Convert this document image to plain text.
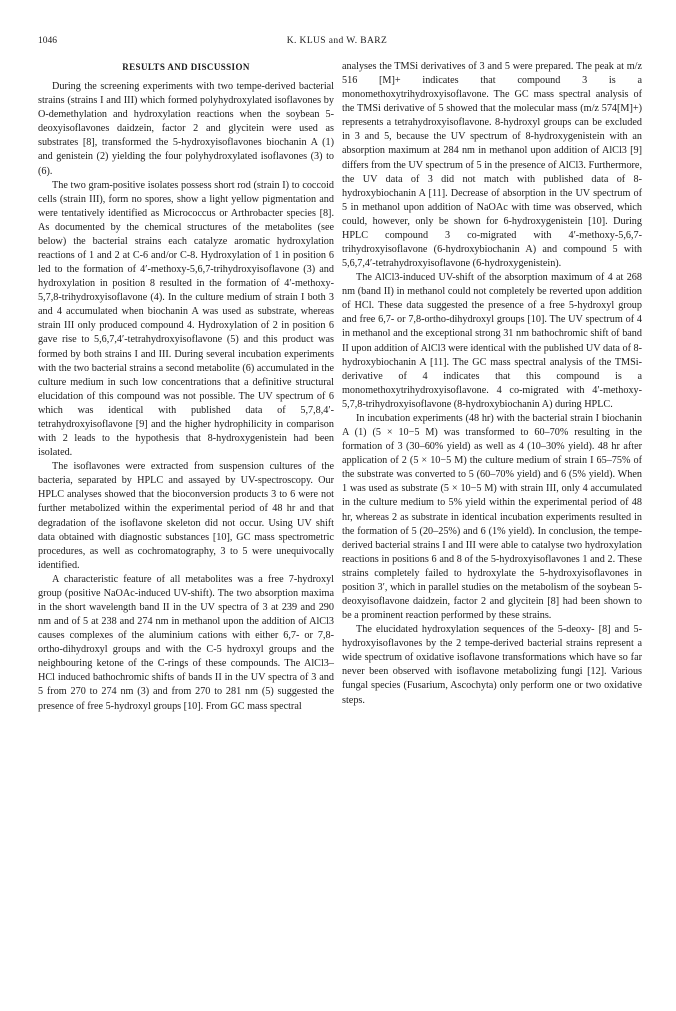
1046	K. KLUS and W. BARZ
RESULTS AND DISCUSSION

During the screening experiments with two tempe-derived bacterial strains (strains I and III) which formed polyhydroxylated isoflavones by O-demethylation and hydroxylation reactions when the soybean 5-deoxyisoflavones daidzein, factor 2 and glycitein were used as substrates [8], transformed the 5-hydroxyisoflavones biochanin A (1) and genistein (2) yielding the four polyhydroxylated isoflavones (3) to (6).

The two gram-positive isolates possess short rod (strain I) to coccoid cells (strain III), form no spores, show a light yellow pigmentation and were tentatively identified as Micrococcus or Arthrobacter species [8]. As documented by the chemical structures of the metabolites (see below) the bacterial strains each catalyze aromatic hydroxylation reactions of 1 and 2 at C-6 and/or C-8. Hydroxylation of 1 in position 6 led to the formation of 4′-methoxy-5,6,7-trihydroxyisoflavone (3) and hydroxylation in position 8 resulted in the formation of 4′-methoxy-5,7,8-trihydroxyisoflavone (4). In the culture medium of strain I both 3 and 4 accumulated when biochanin A was used as substrate, whereas strain III only produced compound 4. Hydroxylation of 2 in position 6 gave rise to 5,6,7,4′-tetrahydroxyisoflavone (5) and this product was formed by both strains I and III. During several incubation experiments with the two bacterial strains a second metabolite (6) accumulated in the culture medium in such low concentrations that a definitive structural elucidation of this compound was not possible. The UV spectrum of 6 which was identical with published data of 5,7,8,4′-tetrahydroxyisoflavone [9] and the higher hydrophilicity in comparison with 2 leads to the hypothesis that 8-hydroxygenistein had been isolated.

The isoflavones were extracted from suspension cultures of the bacteria, separated by HPLC and assayed by UV-spectroscopy. Our HPLC analyses showed that the bioconversion products 3 to 6 were not further metabolized within the experimental period of 48 hr and that degradation of the isoflavone skeleton did not occur. Using UV shift data obtained with diagnostic substances [10], GC mass spectrometric procedures, as well as cochromatography, 3 to 5 were unequivocally identified.

A characteristic feature of all metabolites was a free 7-hydroxyl group (positive NaOAc-induced UV-shift). The two absorption maxima in the short wavelength band II in the UV spectra of 3 at 239 and 290 nm and of 5 at 238 and 274 nm in methanol upon the addition of AlCl3 causes complexes of the aluminium cations with either 6,7- or 7,8-ortho-dihydroxyl groups and with the C-5 hydroxyl groups and the neighbouring ketone of the C-rings of these compounds. The AlCl3–HCl induced bathochromic shifts of bands II in the UV spectra of 3 and 5 from 270 to 274 nm (3) and from 270 to 281 nm (5) suggested the presence of free 5-hydroxyl groups [10]. From GC mass spectral

analyses the TMSi derivatives of 3 and 5 were prepared. The peak at m/z 516 [M]+ indicates that compound 3 is a monomethoxytrihydroxyisoflavone. The GC mass spectral analysis of the TMSi derivative of 5 showed that the molecular mass (m/z 574[M]+) represents a tetrahydroxyisoflavone. 8-hydroxyl groups can be excluded in 3 and 5, because the UV spectrum of 8-hydroxygenistein with an absorption maximum at 284 nm in methanol upon addition of AlCl3 [9] differs from the UV spectrum of 5 in the presence of AlCl3. Furthermore, the UV data of 3 did not match with published data of 8-hydroxybiochanin A [11]. Decrease of absorption in the UV spectrum of 5 in methanol upon addition of NaOAc with time was observed, which could, however, only be shown for 6-hydroxygenistein [10]. During HPLC compound 3 co-migrated with 4′-methoxy-5,6,7-trihydroxyisoflavone (6-hydroxybiochanin A) and compound 5 with 5,6,7,4′-tetrahydroxyisoflavone (6-hydroxygenistein).

The AlCl3-induced UV-shift of the absorption maximum of 4 at 268 nm (band II) in methanol could not completely be reverted upon addition of HCl. These data suggested the presence of a free 5-hydroxyl group and free 6,7- or 7,8-ortho-dihydroxyl groups [10]. The UV spectrum of 4 in methanol and the exceptional strong 31 nm bathochromic shift of band II upon addition of AlCl3 were identical with the published UV data of 8-hydroxybiochanin A [11]. The GC mass spectral analysis of the TMSi-derivative of 4 indicates that this compound is a monomethoxytrihydroxyisoflavone. 4 co-migrated with 4′-methoxy-5,7,8-trihydroxyisoflavone (8-hydroxybiochanin A) during HPLC.

In incubation experiments (48 hr) with the bacterial strain I biochanin A (1) (5 × 10−5 M) was transformed to 60–70% resulting in the formation of 3 (30–60% yield) as well as 4 (10–30% yield). 48 hr after application of 2 (5 × 10−5 M) the culture medium of strain I 65–75% of the substrate was converted to 5 (60–70% yield) and 6 (5% yield). When 1 was used as substrate (5 × 10−5 M) with strain III, only 4 accumulated in the culture medium to 5% yield within the experimental period of 48 hr, whereas 2 as substrate in identical incubation experiments resulted in the formation of 5 (20–25%) and 6 (1% yield). In conclusion, the tempe-derived bacterial strains I and III were able to catalyse two hydroxylation reactions in positions 6 and 8 of the 5-hydroxyisoflavones 1 and 2. These strains completely failed to hydroxylate the 5-hydroxyisoflavones in position 3′, which in parallel studies on the metabolism of the soybean 5-deoxyisoflavone daidzein, factor 2 and glycitein [8] had been shown to be a prominent reaction performed by these strains.

The elucidated hydroxylation sequences of the 5-deoxy- [8] and 5-hydroxyisoflavones by the 2 tempe-derived bacterial strains represent a wide spectrum of oxidative isoflavone transformations which have so far never been observed with isoflavone metabolizing fungi [12]. Various fungal species (Fusarium, Ascochyta) only perform one or two oxidative steps.
